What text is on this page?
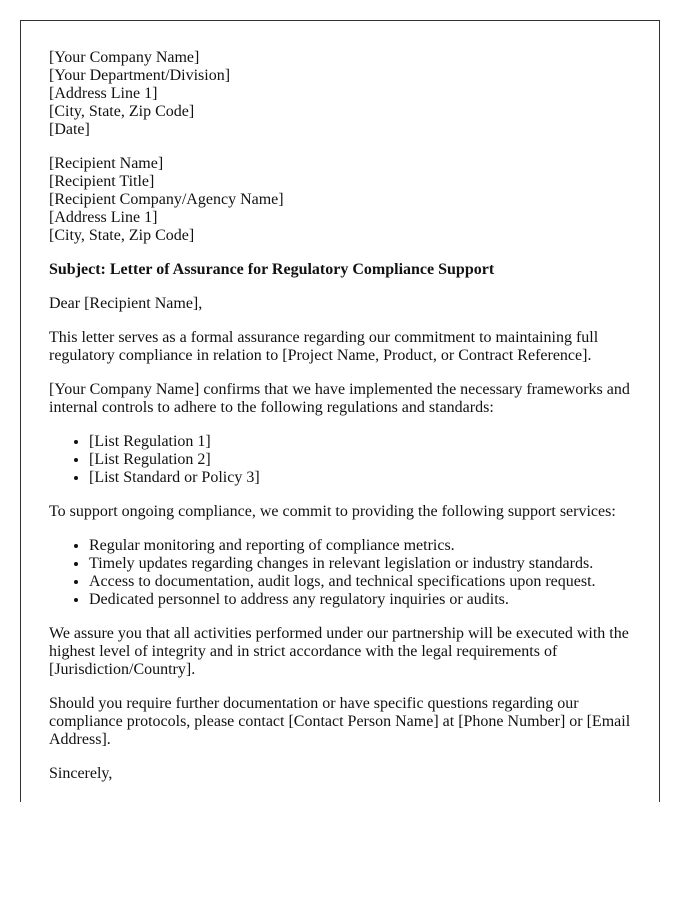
[Your Company Name]
[Your Department/Division]
[Address Line 1]
[City, State, Zip Code]
[Date]
[Recipient Name]
[Recipient Title]
[Recipient Company/Agency Name]
[Address Line 1]
[City, State, Zip Code]

Subject: Letter of Assurance for Regulatory Compliance Support

Dear [Recipient Name],

This letter serves as a formal assurance regarding our commitment to maintaining full regulatory compliance in relation to [Project Name, Product, or Contract Reference].

[Your Company Name] confirms that we have implemented the necessary frameworks and internal controls to adhere to the following regulations and standards:

• [List Regulation 1]
• [List Regulation 2]
• [List Standard or Policy 3]

To support ongoing compliance, we commit to providing the following support services:

• Regular monitoring and reporting of compliance metrics.
• Timely updates regarding changes in relevant legislation or industry standards.
• Access to documentation, audit logs, and technical specifications upon request.
• Dedicated personnel to address any regulatory inquiries or audits.

We assure you that all activities performed under our partnership will be executed with the highest level of integrity and in strict accordance with the legal requirements of [Jurisdiction/Country].

Should you require further documentation or have specific questions regarding our compliance protocols, please contact [Contact Person Name] at [Phone Number] or [Email Address].

Sincerely,
